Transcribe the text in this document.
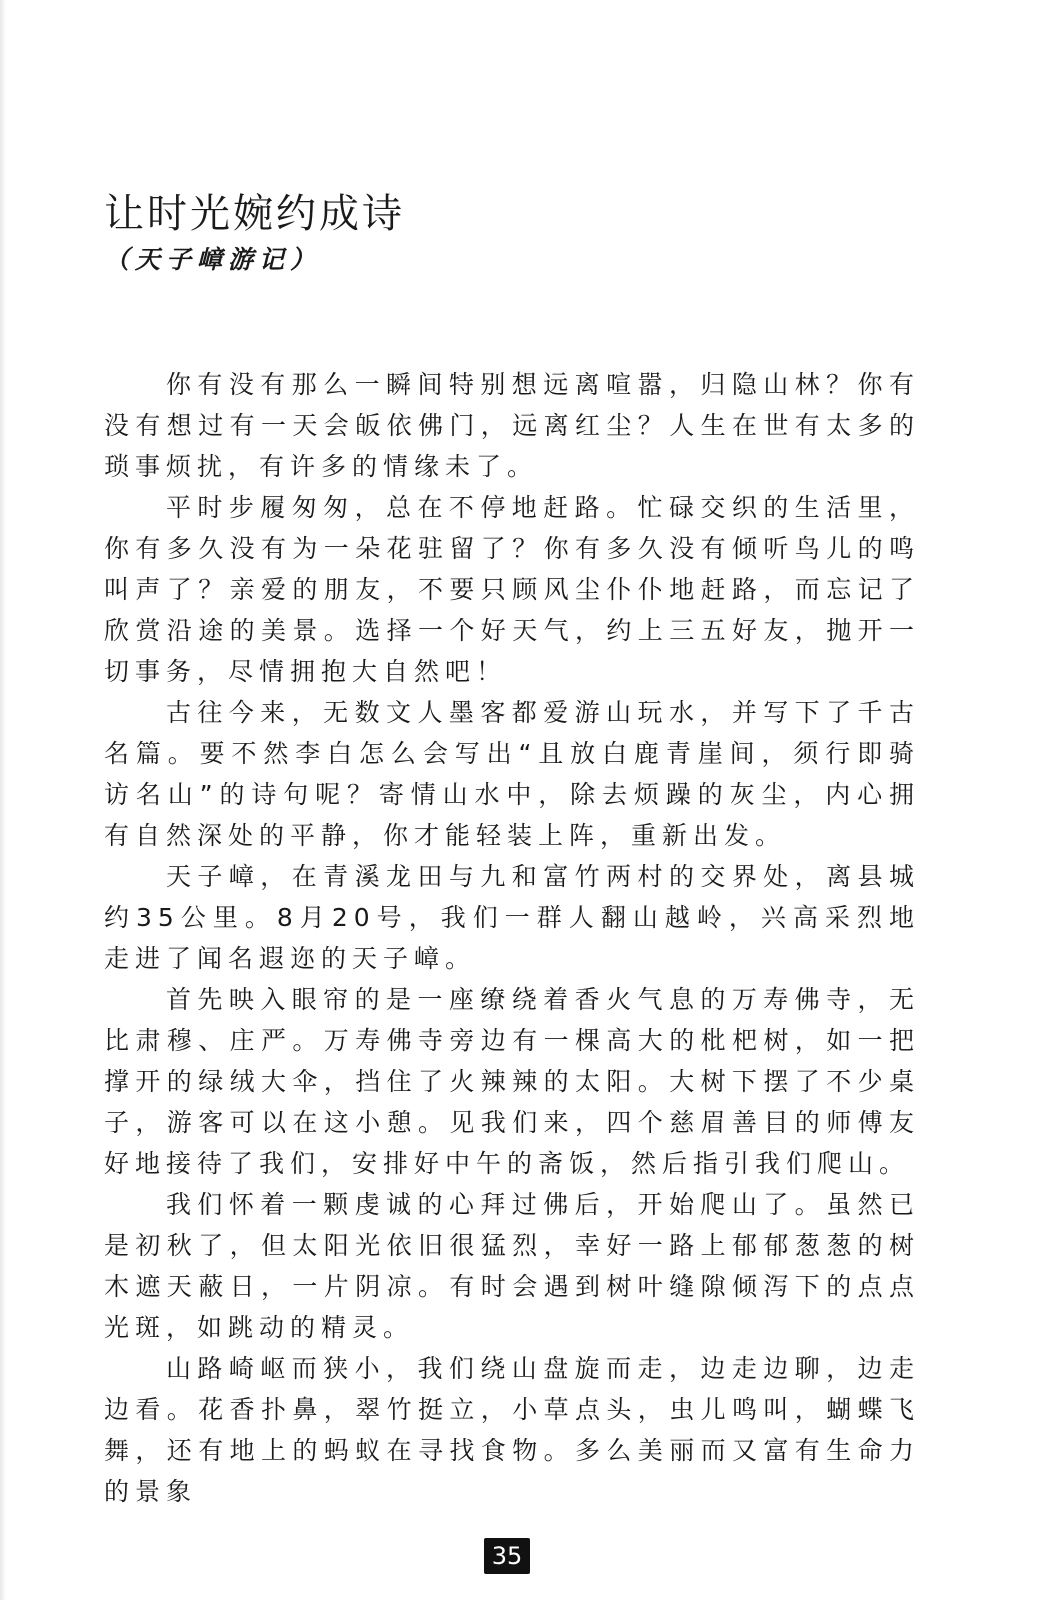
让时光婉约成诗
（天子嶂游记）

你有没有那么一瞬间特别想远离喧嚣，归隐山林？你有没有想过有一天会皈依佛门，远离红尘？人生在世有太多的琐事烦扰，有许多的情缘未了。

平时步履匆匆，总在不停地赶路。忙碌交织的生活里，你有多久没有为一朵花驻留了？你有多久没有倾听鸟儿的鸣叫声了？亲爱的朋友，不要只顾风尘仆仆地赶路，而忘记了欣赏沿途的美景。选择一个好天气，约上三五好友，抛开一切事务，尽情拥抱大自然吧！

古往今来，无数文人墨客都爱游山玩水，并写下了千古名篇。要不然李白怎么会写出“且放白鹿青崖间，须行即骑访名山”的诗句呢？寄情山水中，除去烦躁的灰尘，内心拥有自然深处的平静，你才能轻装上阵，重新出发。

天子嶂，在青溪龙田与九和富竹两村的交界处，离县城约35公里。8月20号，我们一群人翻山越岭，兴高采烈地走进了闻名遐迩的天子嶂。

首先映入眼帘的是一座缭绕着香火气息的万寿佛寺，无比肃穆、庄严。万寿佛寺旁边有一棵高大的枇杷树，如一把撑开的绿绒大伞，挡住了火辣辣的太阳。大树下摆了不少桌子，游客可以在这小憩。见我们来，四个慈眉善目的师傅友好地接待了我们，安排好中午的斋饭，然后指引我们爬山。

我们怀着一颗虔诚的心拜过佛后，开始爬山了。虽然已是初秋了，但太阳光依旧很猛烈，幸好一路上郁郁葱葱的树木遮天蔽日，一片阴凉。有时会遇到树叶缝隙倾泻下的点点光斑，如跳动的精灵。

山路崎岖而狭小，我们绕山盘旋而走，边走边聊，边走边看。花香扑鼻，翠竹挺立，小草点头，虫儿鸣叫，蝴蝶飞舞，还有地上的蚂蚁在寻找食物。多么美丽而又富有生命力的景象

35
